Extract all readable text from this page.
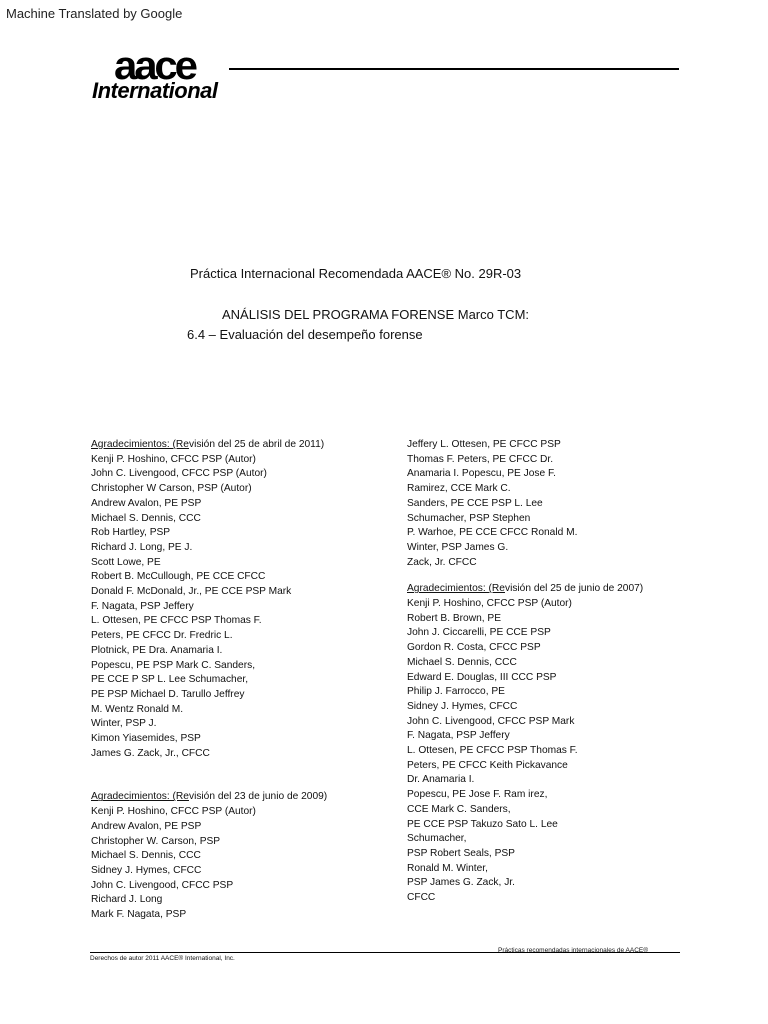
Machine Translated by Google
aace
International
Práctica Internacional Recomendada AACE® No. 29R-03
ANÁLISIS DEL PROGRAMA FORENSE Marco TCM:
6.4 – Evaluación del desempeño forense
Agradecimientos: (Revisión del 25 de abril de 2011)
Kenji P. Hoshino, CFCC PSP (Autor)
John C. Livengood, CFCC PSP (Autor)
Christopher W Carson, PSP (Autor)
Andrew Avalon, PE PSP
Michael S. Dennis, CCC
Rob Hartley, PSP
Richard J. Long, PE J.
Scott Lowe, PE
Robert B. McCullough, PE CCE CFCC
Donald F. McDonald, Jr., PE CCE PSP Mark
F. Nagata, PSP Jeffery
L. Ottesen, PE CFCC PSP Thomas F.
Peters, PE CFCC Dr. Fredric L.
Plotnick, PE Dra. Anamaria I.
Popescu, PE PSP Mark C. Sanders,
PE CCE P SP L. Lee Schumacher,
PE PSP Michael D. Tarullo Jeffrey
M. Wentz Ronald M.
Winter, PSP J.
Kimon Yiasemides, PSP
James G. Zack, Jr., CFCC
Agradecimientos: (Revisión del 23 de junio de 2009)
Kenji P. Hoshino, CFCC PSP (Autor)
Andrew Avalon, PE PSP
Christopher W. Carson, PSP
Michael S. Dennis, CCC
Sidney J. Hymes, CFCC
John C. Livengood, CFCC PSP
Richard J. Long
Mark F. Nagata, PSP
Jeffery L. Ottesen, PE CFCC PSP
Thomas F. Peters, PE CFCC Dr.
Anamaria I. Popescu, PE Jose F.
Ramirez, CCE Mark C.
Sanders, PE CCE PSP L. Lee
Schumacher, PSP Stephen
P. Warhoe, PE CCE CFCC Ronald M.
Winter, PSP James G.
Zack, Jr. CFCC
Agradecimientos: (Revisión del 25 de junio de 2007)
Kenji P. Hoshino, CFCC PSP (Autor)
Robert B. Brown, PE
John J. Ciccarelli, PE CCE PSP
Gordon R. Costa, CFCC PSP
Michael S. Dennis, CCC
Edward E. Douglas, III CCC PSP
Philip J. Farrocco, PE
Sidney J. Hymes, CFCC
John C. Livengood, CFCC PSP Mark
F. Nagata, PSP Jeffery
L. Ottesen, PE CFCC PSP Thomas F.
Peters, PE CFCC Keith Pickavance
Dr. Anamaria I.
Popescu, PE Jose F. Ram irez,
CCE Mark C. Sanders,
PE CCE PSP Takuzo Sato L. Lee
Schumacher,
PSP Robert Seals, PSP
Ronald M. Winter,
PSP James G. Zack, Jr.
CFCC
Derechos de autor 2011 AACE® International, Inc.
Prácticas recomendadas internacionales de AACE®
